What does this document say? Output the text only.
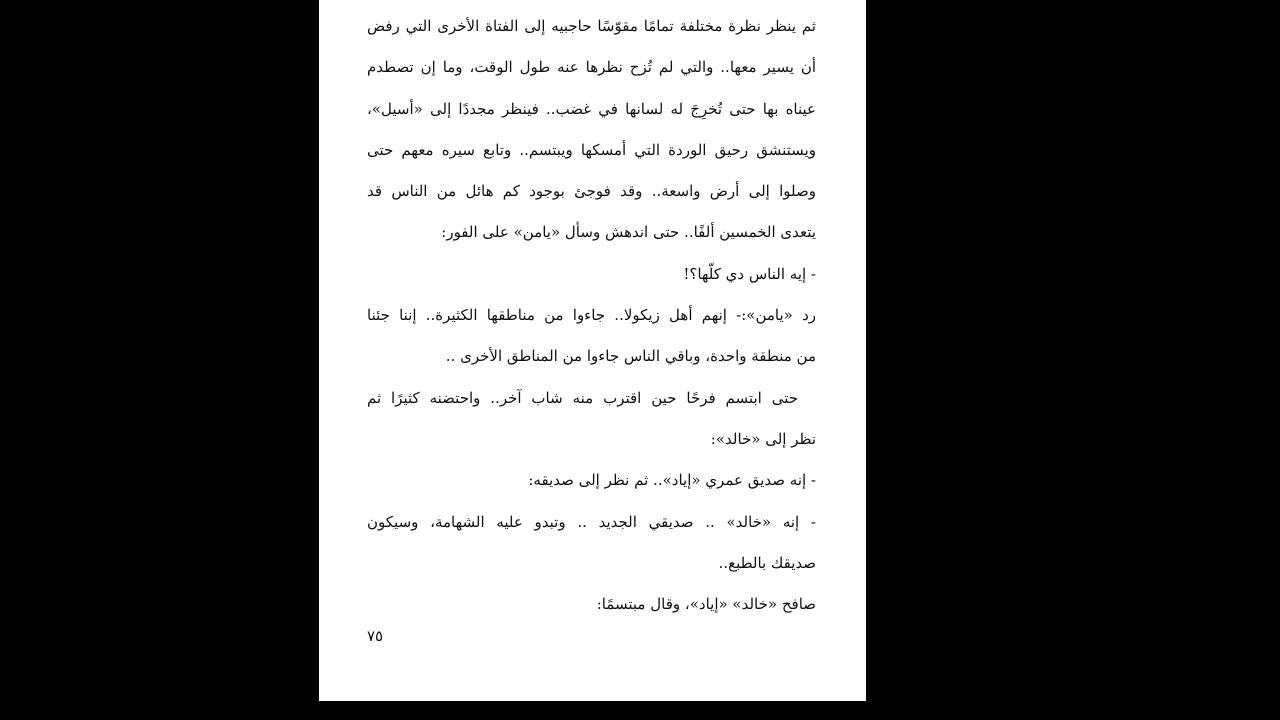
ثم ينظر نظرة مختلفة تمامًا مقوّسًا حاجبيه إلى الفتاة الأخرى التي رفض
أن يسير معها.. والتي لم تُزح نظرها عنه طول الوقت، وما إن تصطدم
عيناه بها حتى تُخرِجَ له لسانها في غضب.. فينظر مجددًا إلى «أسيل»،
ويستنشق رحيق الوردة التي أمسكها ويبتسم.. وتابع سيره معهم حتى
وصلوا إلى أرض واسعة.. وقد فوجئ بوجود كم هائل من الناس قد
يتعدى الخمسين ألفًا.. حتى اندهش وسأل «يامن» على الفور:
- إيه الناس دي كلّها؟!
رد «يامن»:- إنهم أهل زيكولا.. جاءوا من مناطقها الكثيرة.. إننا جئنا
من منطقة واحدة، وباقي الناس جاءوا من المناطق الأخرى ..
حتى ابتسم فرحًا حين اقترب منه شاب آخر.. واحتضنه كثيرًا ثم
نظر إلى «خالد»:
- إنه صديق عمري «إياد».. ثم نظر إلى صديقه:
- إنه «خالد» .. صديقي الجديد .. وتبدو عليه الشهامة، وسيكون
صديقك بالطبع..
صافح «خالد» «إياد»، وقال مبتسمًا:
٧٥
